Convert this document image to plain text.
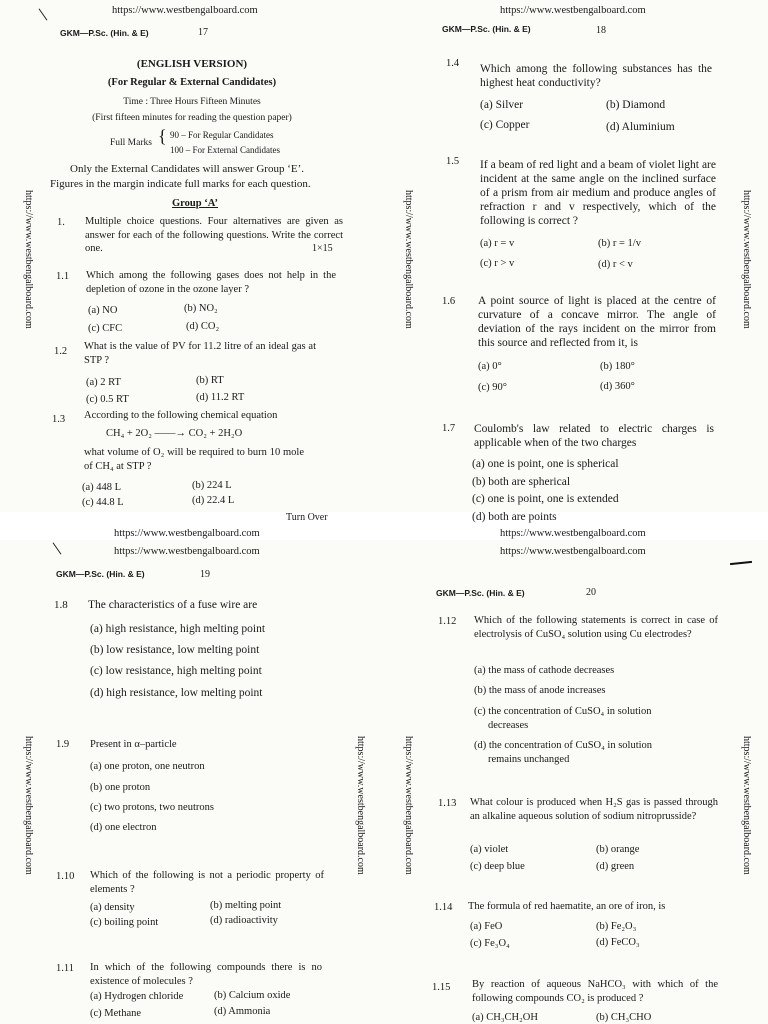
https://www.westbengalboard.com
GKM—P.Sc. (Hin. & E)	17
https://www.westbengalboard.com
(ENGLISH VERSION)
(For Regular & External Candidates)
Time : Three Hours Fifteen Minutes
(First fifteen minutes for reading the question paper)
Full Marks { 90 – For Regular Candidates
100 – For External Candidates
Only the External Candidates will answer Group ‘E’.
Figures in the margin indicate full marks for each question.
Group ‘A’
1. Multiple choice questions. Four alternatives are given as answer for each of the following questions. Write the correct one.	1×15
1.1 Which among the following gases does not help in the depletion of ozone in the ozone layer ?
(a) NO	(b) NO₂
(c) CFC	(d) CO₂
1.2 What is the value of PV for 11.2 litre of an ideal gas at STP ?
(a) 2 RT	(b) RT
(c) 0.5 RT	(d) 11.2 RT
1.3 According to the following chemical equation
CH₄ + 2O₂ ——→ CO₂ + 2H₂O
what volume of O₂ will be required to burn 10 mole of CH₄ at STP ?
(a) 448 L	(b) 224 L
(c) 44.8 L	(d) 22.4 L
Turn Over
https://www.westbengalboard.com
https://www.westbengalboard.com
GKM—P.Sc. (Hin. & E)	18
https://www.westbengalboard.com	https://www.westbengalboard.com
1.4 Which among the following substances has the highest heat conductivity?
(a) Silver	(b) Diamond
(c) Copper	(d) Aluminium
1.5 If a beam of red light and a beam of violet light are incident at the same angle on the inclined surface of a prism from air medium and produce angles of refraction r and v respectively, which of the following is correct ?
(a) r = v	(b) r = 1/v
(c) r > v	(d) r < v
1.6 A point source of light is placed at the centre of curvature of a concave mirror. The angle of deviation of the rays incident on the mirror from this source and reflected from it, is
(a) 0°	(b) 180°
(c) 90°	(d) 360°
1.7 Coulomb's law related to electric charges is applicable when of the two charges
(a) one is point, one is spherical
(b) both are spherical
(c) one is point, one is extended
(d) both are points
https://www.westbengalboard.com
https://www.westbengalboard.com
GKM—P.Sc. (Hin. & E)	19
https://www.westbengalboard.com	https://www.westbengalboard.com
1.8 The characteristics of a fuse wire are
(a) high resistance, high melting point
(b) low resistance, low melting point
(c) low resistance, high melting point
(d) high resistance, low melting point
1.9 Present in α–particle
(a) one proton, one neutron
(b) one proton
(c) two protons, two neutrons
(d) one electron
1.10 Which of the following is not a periodic property of elements ?
(a) density	(b) melting point
(c) boiling point	(d) radioactivity
1.11 In which of the following compounds there is no existence of molecules ?
(a) Hydrogen chloride	(b) Calcium oxide
(c) Methane	(d) Ammonia
https://www.westbengalboard.com
GKM—P.Sc. (Hin. & E)	20
https://www.westbengalboard.com	https://www.westbengalboard.com
1.12 Which of the following statements is correct in case of electrolysis of CuSO₄ solution using Cu electrodes?
(a) the mass of cathode decreases
(b) the mass of anode increases
(c) the concentration of CuSO₄ in solution
decreases
(d) the concentration of CuSO₄ in solution
remains unchanged
1.13 What colour is produced when H₂S gas is passed through an alkaline aqueous solution of sodium nitroprusside?
(a) violet	(b) orange
(c) deep blue	(d) green
1.14 The formula of red haematite, an ore of iron, is
(a) FeO	(b) Fe₂O₃
(c) Fe₃O₄	(d) FeCO₃
1.15 By reaction of aqueous NaHCO₃ with which of the following compounds CO₂ is produced ?
(a) CH₃CH₂OH	(b) CH₃CHO
